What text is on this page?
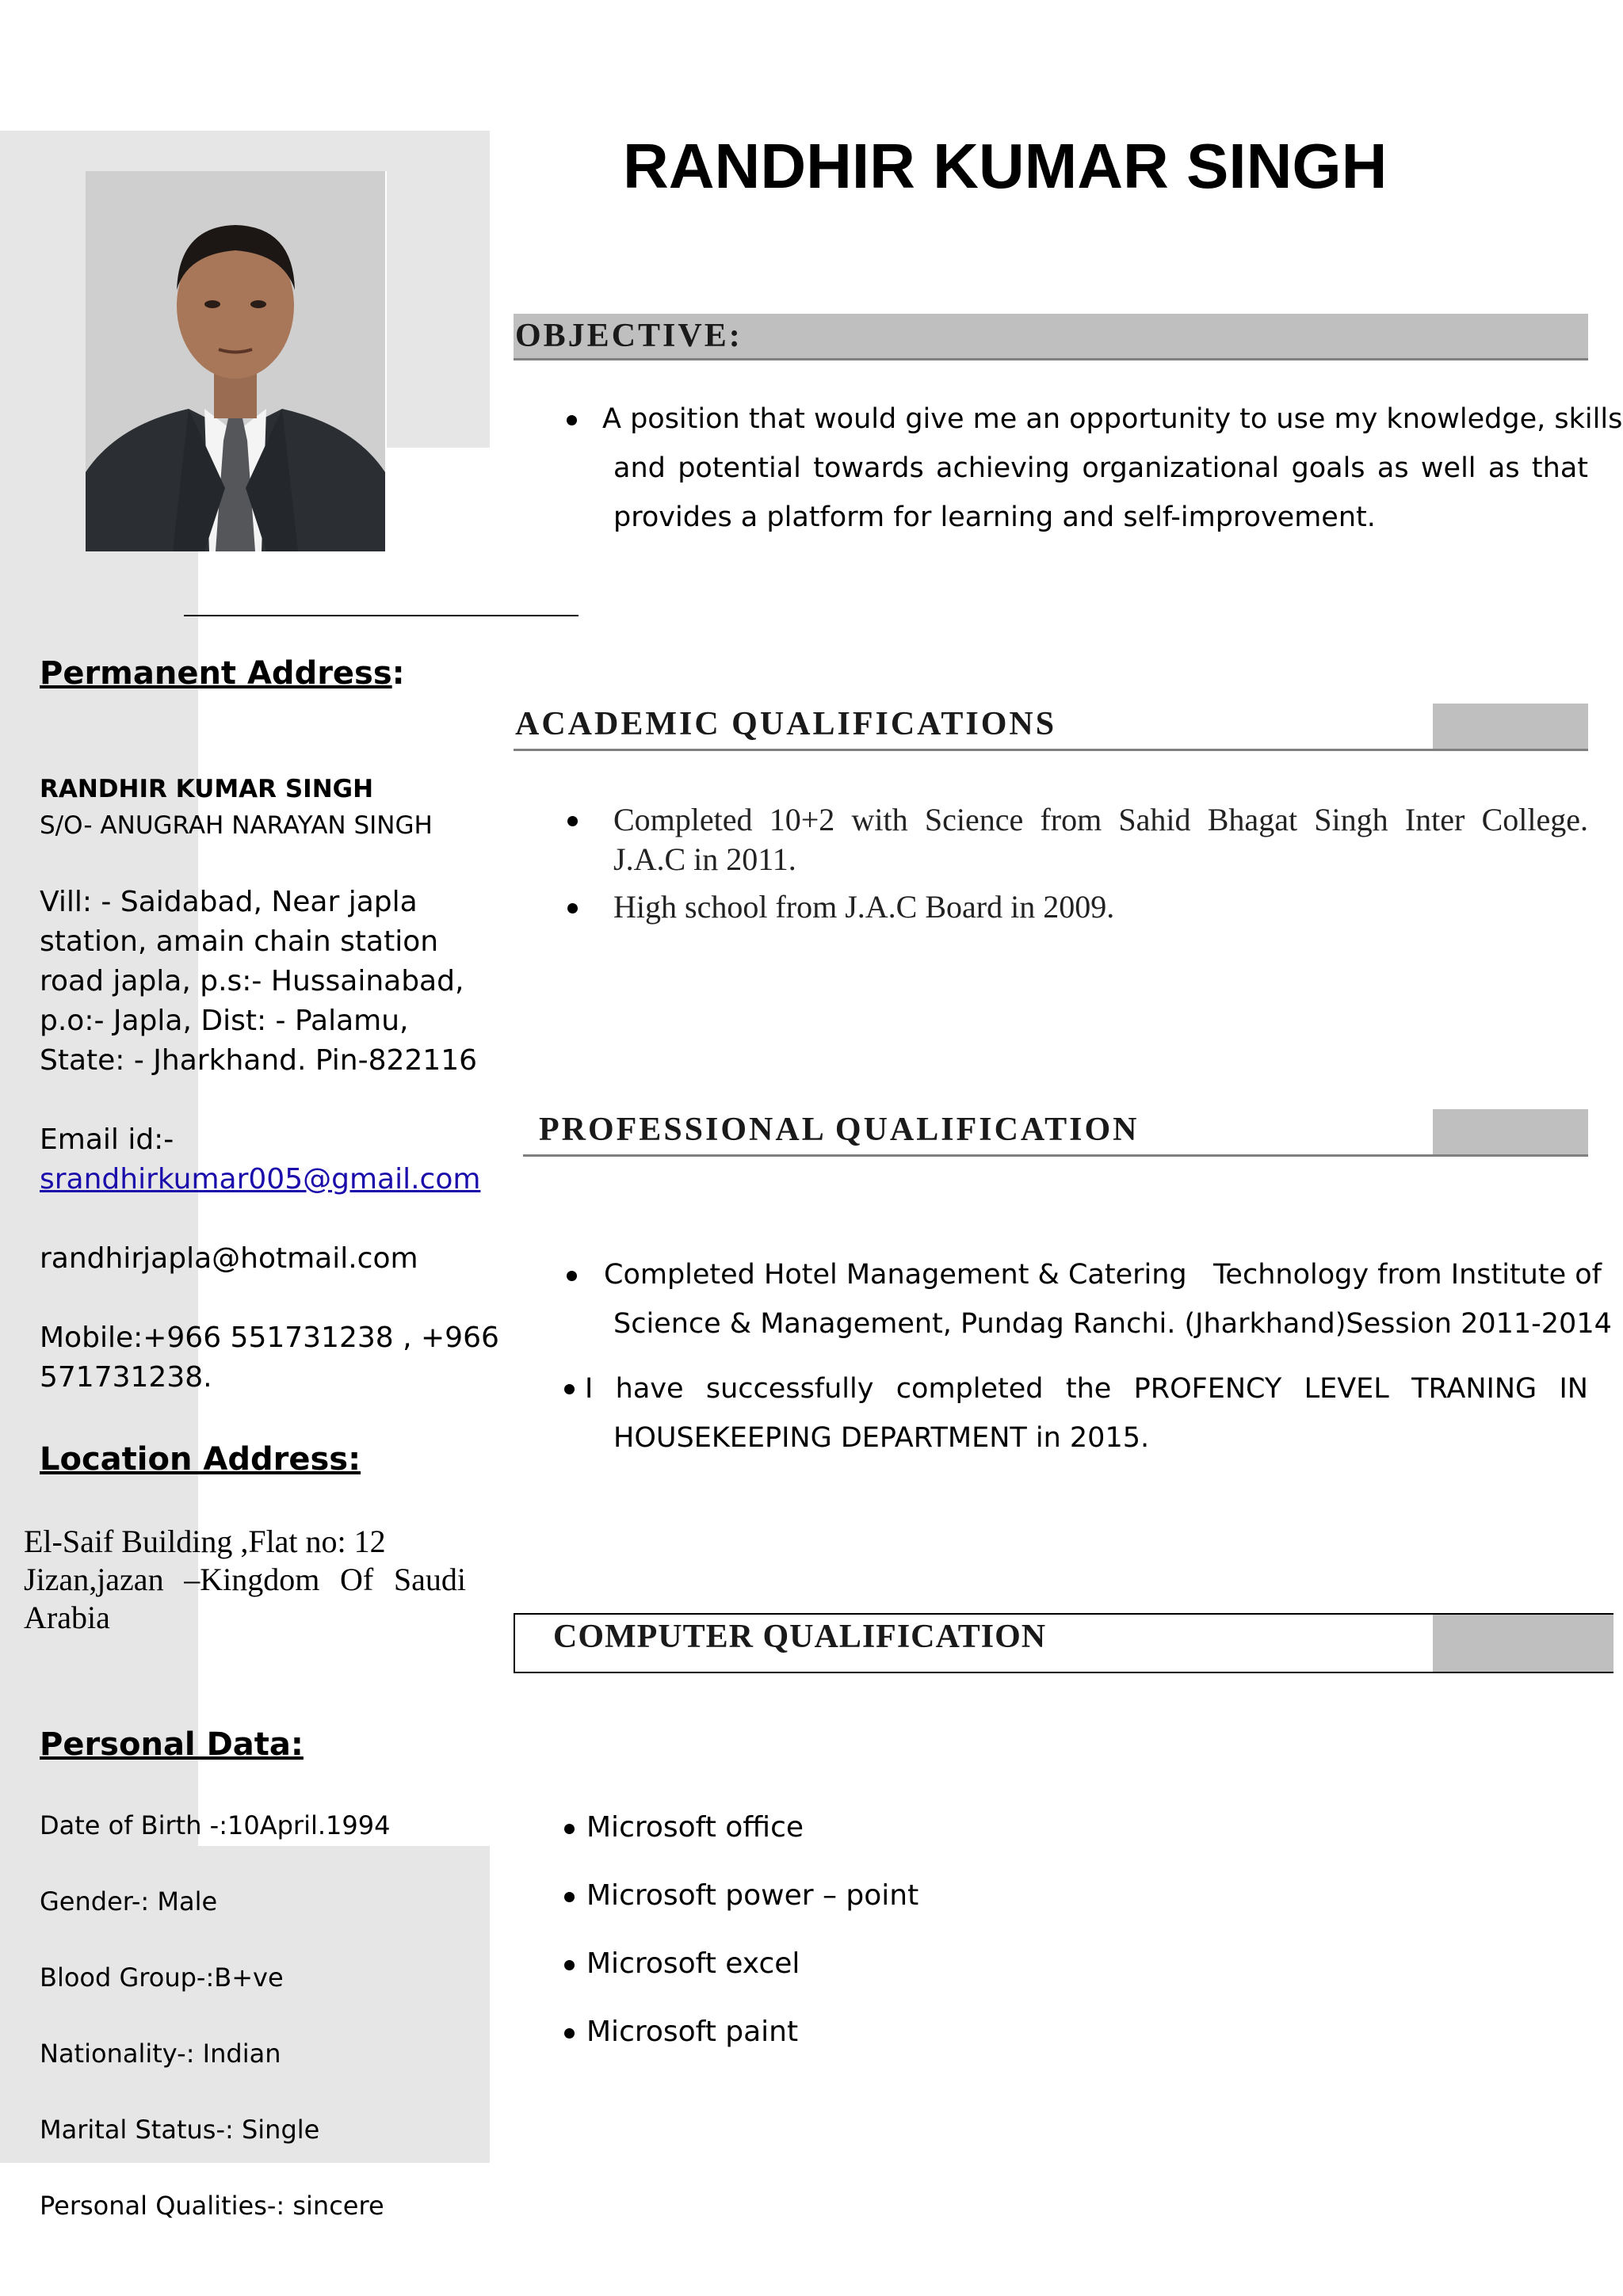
RANDHIR KUMAR SINGH
OBJECTIVE:
A position that would give me an opportunity to use my knowledge, skills
and potential towards achieving organizational goals as well as that
provides a platform for learning and self-improvement.
ACADEMIC QUALIFICATIONS
Completed 10+2 with Science from Sahid Bhagat Singh Inter College.
J.A.C in 2011.
High school from J.A.C Board in 2009.
PROFESSIONAL QUALIFICATION
Completed Hotel Management & Catering   Technology from Institute of
Science & Management, Pundag Ranchi. (Jharkhand)Session 2011-2014
I have successfully completed the PROFENCY LEVEL TRANING IN
HOUSEKEEPING DEPARTMENT in 2015.
COMPUTER QUALIFICATION
Microsoft office
Microsoft power – point
Microsoft excel
Microsoft paint
Permanent Address:
RANDHIR KUMAR SINGH
S/O- ANUGRAH NARAYAN SINGH
Vill: - Saidabad, Near japla
station, amain chain station
road japla, p.s:- Hussainabad,
p.o:- Japla, Dist: - Palamu,
State: - Jharkhand. Pin-822116
Email id:-
srandhirkumar005@gmail.com
randhirjapla@hotmail.com
Mobile:+966 551731238 , +966
571731238.
Location Address:
El-Saif Building ,Flat no: 12
Jizan,jazan  –Kingdom  Of  Saudi
Arabia
Personal Data:
Date of Birth -:10April.1994
Gender-: Male
Blood Group-:B+ve
Nationality-: Indian
Marital Status-: Single
Personal Qualities-: sincere
